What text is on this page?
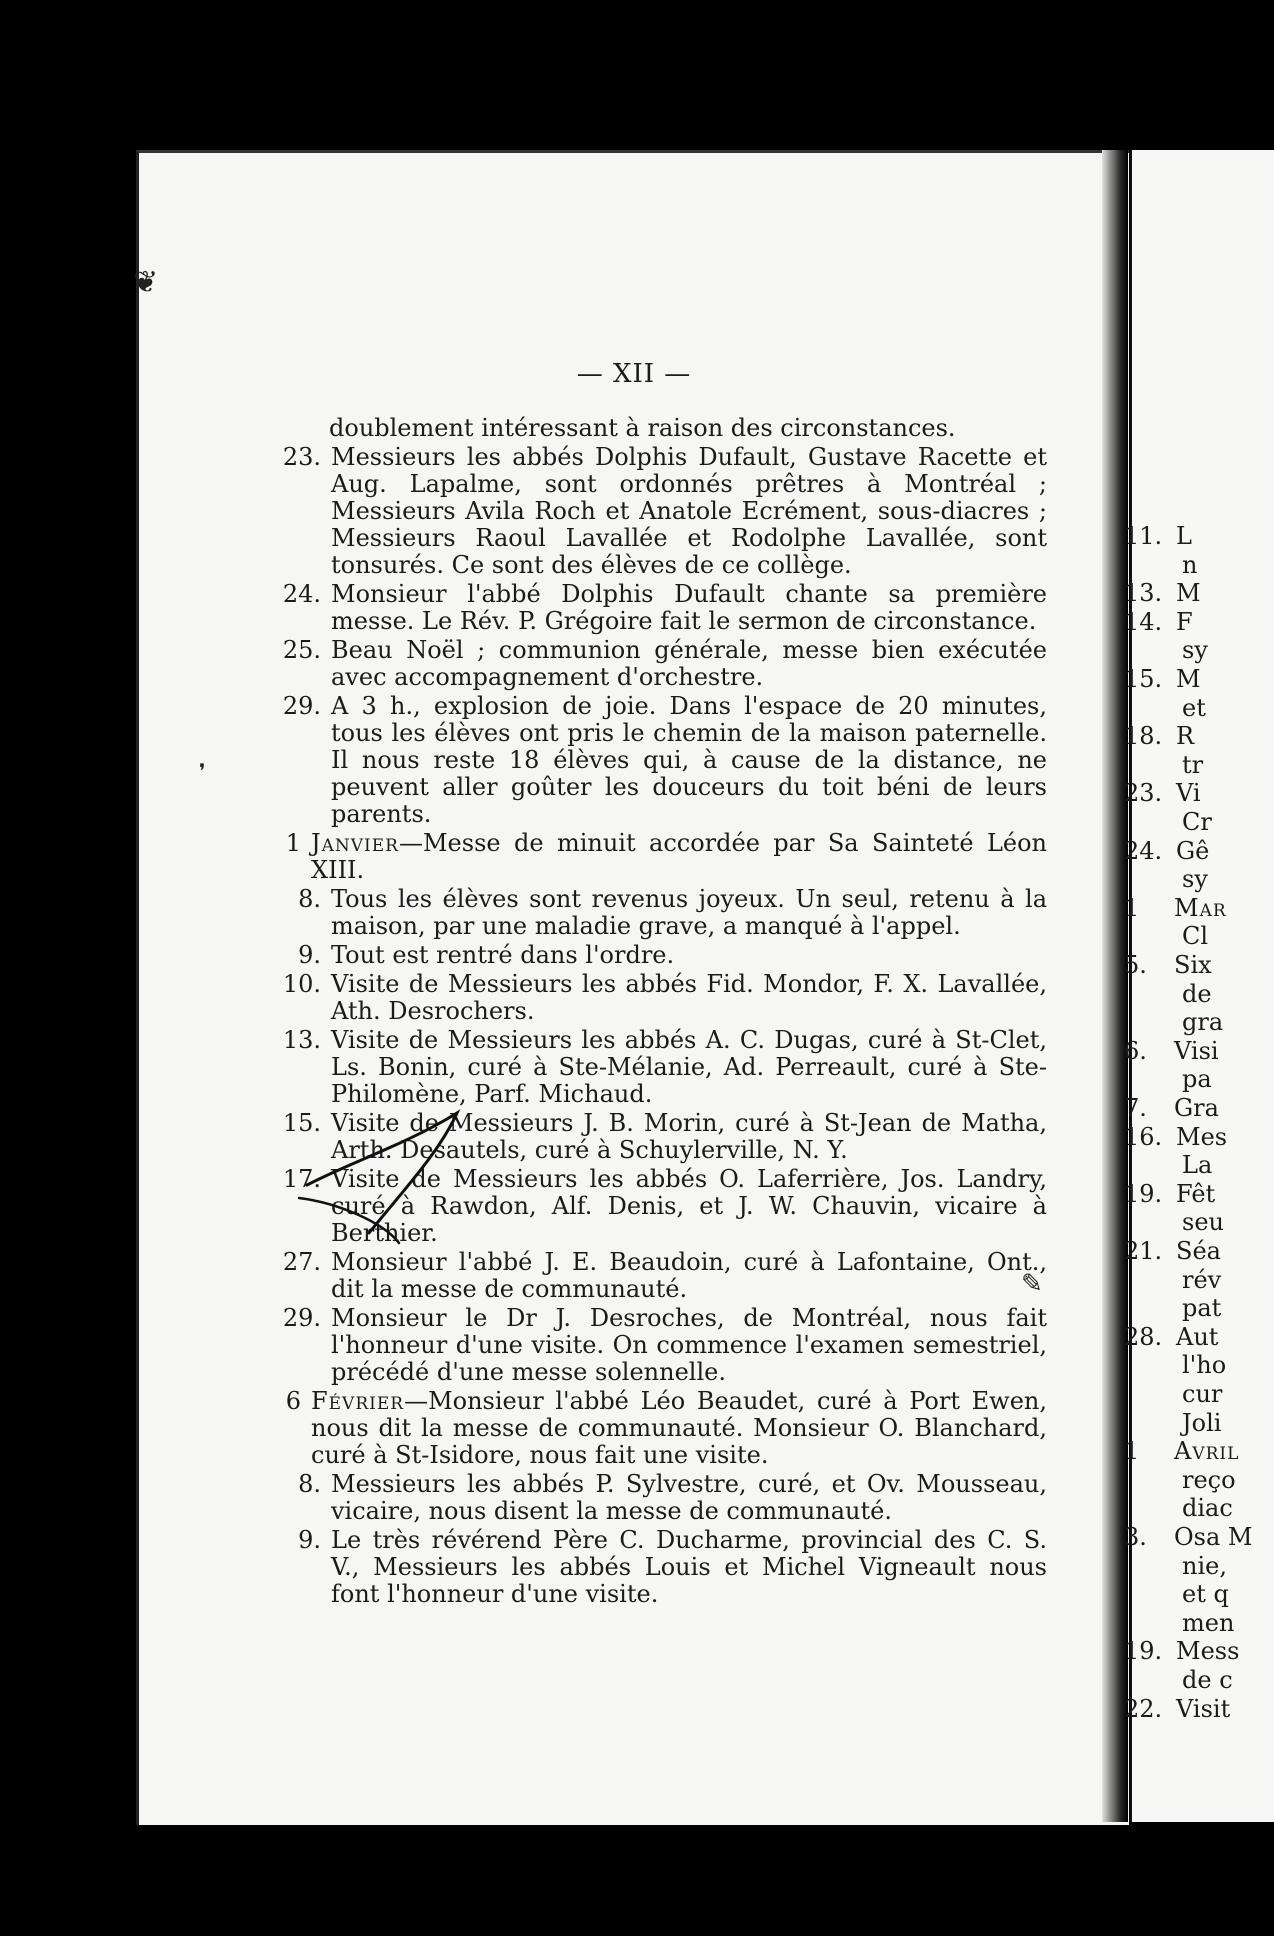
— XII —
doublement intéressant à raison des circonstances.
23. Messieurs les abbés Dolphis Dufault, Gustave Racette et Aug. Lapalme, sont ordonnés prêtres à Montréal ; Messieurs Avila Roch et Anatole Ecrément, sous-diacres ; Messieurs Raoul Lavallée et Rodolphe Lavallée, sont tonsurés. Ce sont des élèves de ce collège.
24. Monsieur l'abbé Dolphis Dufault chante sa première messe. Le Rév. P. Grégoire fait le sermon de circonstance.
25. Beau Noël ; communion générale, messe bien exécutée avec accompagnement d'orchestre.
29. A 3 h., explosion de joie. Dans l'espace de 20 minutes, tous les élèves ont pris le chemin de la maison paternelle. Il nous reste 18 élèves qui, à cause de la distance, ne peuvent aller goûter les douceurs du toit béni de leurs parents.
1 Janvier—Messe de minuit accordée par Sa Sainteté Léon XIII.
8. Tous les élèves sont revenus joyeux. Un seul, retenu à la maison, par une maladie grave, a manqué à l'appel.
9. Tout est rentré dans l'ordre.
10. Visite de Messieurs les abbés Fid. Mondor, F. X. Lavallée, Ath. Desrochers.
13. Visite de Messieurs les abbés A. C. Dugas, curé à St-Clet, Ls. Bonin, curé à Ste-Mélanie, Ad. Perreault, curé à Ste-Philomène, Parf. Michaud.
15. Visite de Messieurs J. B. Morin, curé à St-Jean de Matha, Arth. Desautels, curé à Schuylerville, N. Y.
17. Visite de Messieurs les abbés O. Laferrière, Jos. Landry, curé à Rawdon, Alf. Denis, et J. W. Chauvin, vicaire à Berthier.
27. Monsieur l'abbé J. E. Beaudoin, curé à Lafontaine, Ont., dit la messe de communauté.
29. Monsieur le Dr J. Desroches, de Montréal, nous fait l'honneur d'une visite. On commence l'examen semestriel, précédé d'une messe solennelle.
6 Février—Monsieur l'abbé Léo Beaudet, curé à Port Ewen, nous dit la messe de communauté. Monsieur O. Blanchard, curé à St-Isidore, nous fait une visite.
8. Messieurs les abbés P. Sylvestre, curé, et Ov. Mousseau, vicaire, nous disent la messe de communauté.
9. Le très révérend Père C. Ducharme, provincial des C. S. V., Messieurs les abbés Louis et Michel Vigneault nous font l'honneur d'une visite.
❦
❜
✎
11. L
n
13. M
14. F
sy
15. M
et
18. R
tr
23. Vi
Cr
24. Gê
sy
1 Mar
Cl
5. Six
de
gra
6. Visi
pa
7. Gra
16. Mes
La
19. Fêt
seu
21. Séa
rév
pat
28. Aut
l'ho
cur
Joli
1 Avril
reço
diac
3. Osa M
nie,
et q
men
19. Mess
de c
22. Visit
